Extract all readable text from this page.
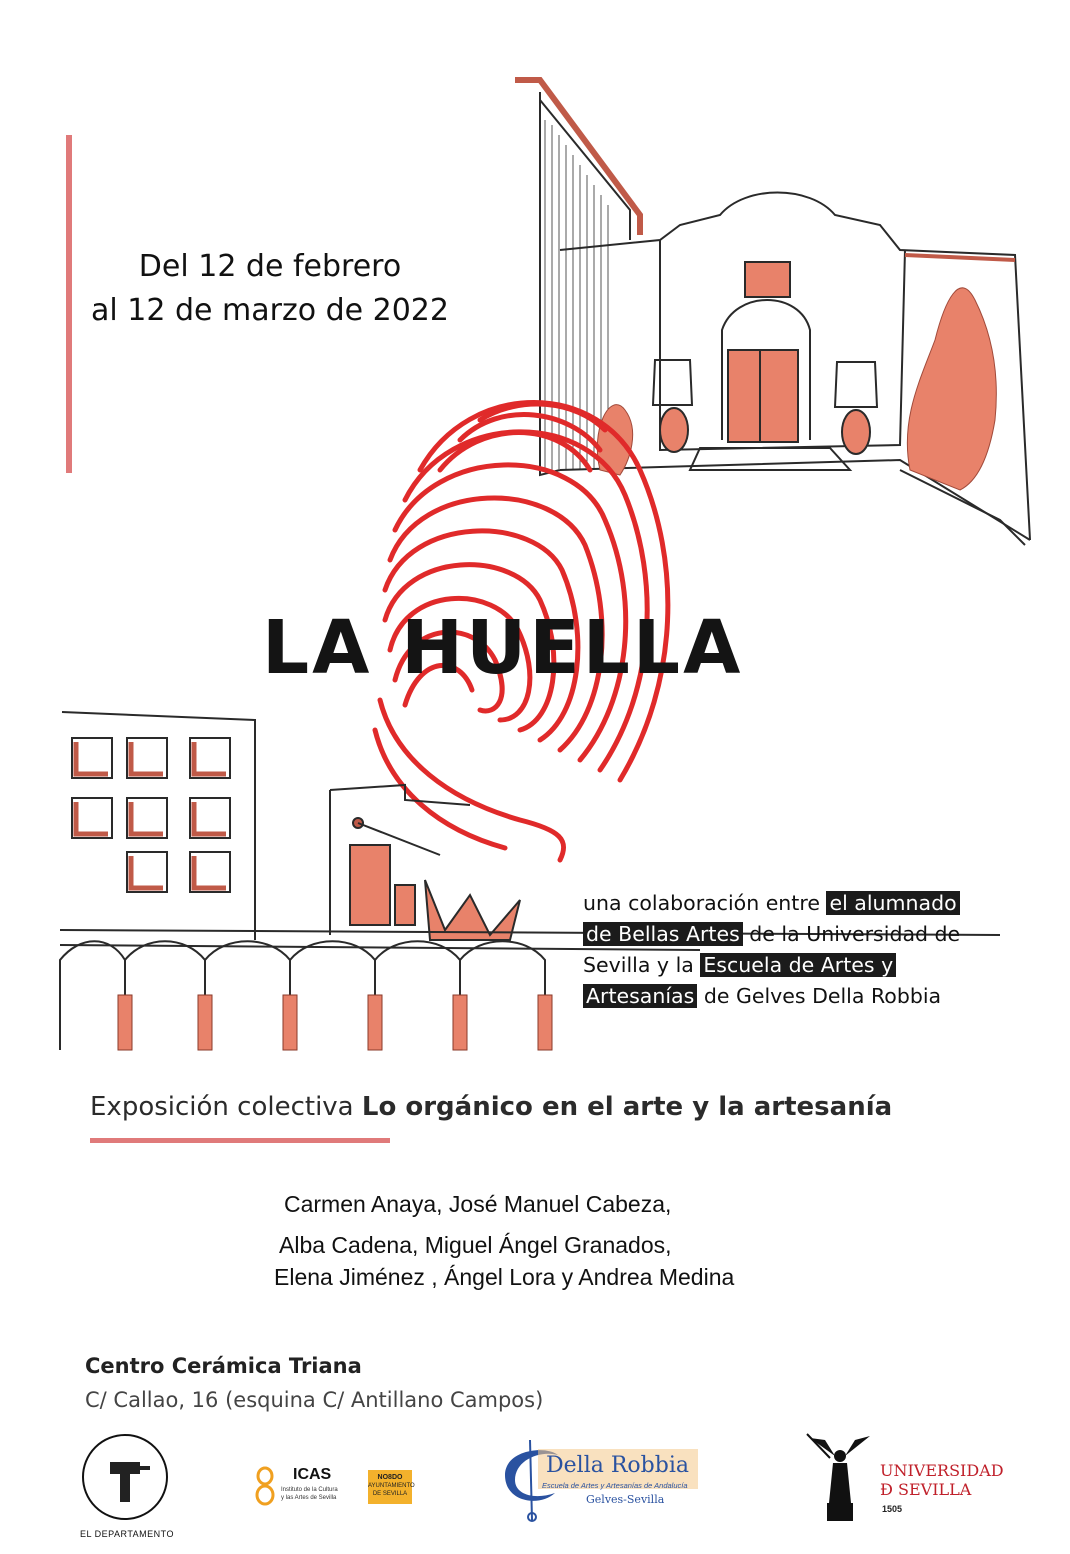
Del 12 de febrero
al 12 de marzo de 2022
LA HUELLA
una colaboración entre el alumnado
de Bellas Artes de la Universidad de
Sevilla y la Escuela de Artes y
Artesanías de Gelves Della Robbia
Exposición colectiva Lo orgánico en el arte y la artesanía
Carmen Anaya, José Manuel Cabeza,
Alba Cadena, Miguel Ángel Granados,
Elena Jiménez , Ángel Lora y Andrea Medina
Centro Cerámica Triana
C/ Callao, 16 (esquina C/ Antillano Campos)
EL DEPARTAMENTO
ICAS
Instituto de la Cultura
y las Artes de Sevilla
NO8DO
AYUNTAMIENTO
DE SEVILLA
Della Robbia
Escuela de Artes y Artesanías de Andalucía
Gelves-Sevilla
UNIVERSIDAD
Ɖ SEVILLA
1505
